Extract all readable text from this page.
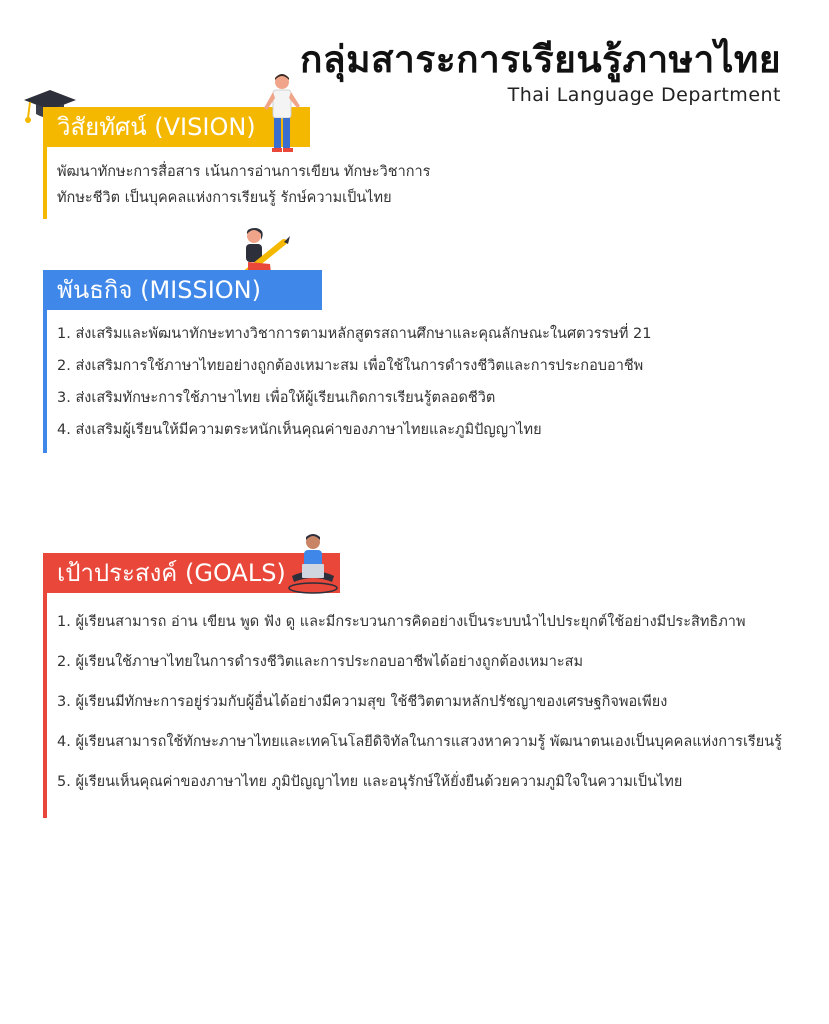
กลุ่มสาระการเรียนรู้ภาษาไทย
Thai Language Department
วิสัยทัศน์ (VISION)
พัฒนาทักษะการสื่อสาร เน้นการอ่านการเขียน ทักษะวิชาการ
ทักษะชีวิต เป็นบุคคลแห่งการเรียนรู้ รักษ์ความเป็นไทย
พันธกิจ (MISSION)
1. ส่งเสริมและพัฒนาทักษะทางวิชาการตามหลักสูตรสถานศึกษาและคุณลักษณะในศตวรรษที่ 21
2. ส่งเสริมการใช้ภาษาไทยอย่างถูกต้องเหมาะสม เพื่อใช้ในการดำรงชีวิตและการประกอบอาชีพ
3. ส่งเสริมทักษะการใช้ภาษาไทย เพื่อให้ผู้เรียนเกิดการเรียนรู้ตลอดชีวิต
4. ส่งเสริมผู้เรียนให้มีความตระหนักเห็นคุณค่าของภาษาไทยและภูมิปัญญาไทย
เป้าประสงค์ (GOALS)
1. ผู้เรียนสามารถ อ่าน เขียน พูด ฟัง ดู และมีกระบวนการคิดอย่างเป็นระบบนำไปประยุกต์ใช้อย่างมีประสิทธิภาพ
2. ผู้เรียนใช้ภาษาไทยในการดำรงชีวิตและการประกอบอาชีพได้อย่างถูกต้องเหมาะสม
3. ผู้เรียนมีทักษะการอยู่ร่วมกับผู้อื่นได้อย่างมีความสุข ใช้ชีวิตตามหลักปรัชญาของเศรษฐกิจพอเพียง
4. ผู้เรียนสามารถใช้ทักษะภาษาไทยและเทคโนโลยีดิจิทัลในการแสวงหาความรู้ พัฒนาตนเองเป็นบุคคลแห่งการเรียนรู้
5. ผู้เรียนเห็นคุณค่าของภาษาไทย ภูมิปัญญาไทย และอนุรักษ์ให้ยั่งยืนด้วยความภูมิใจในความเป็นไทย
